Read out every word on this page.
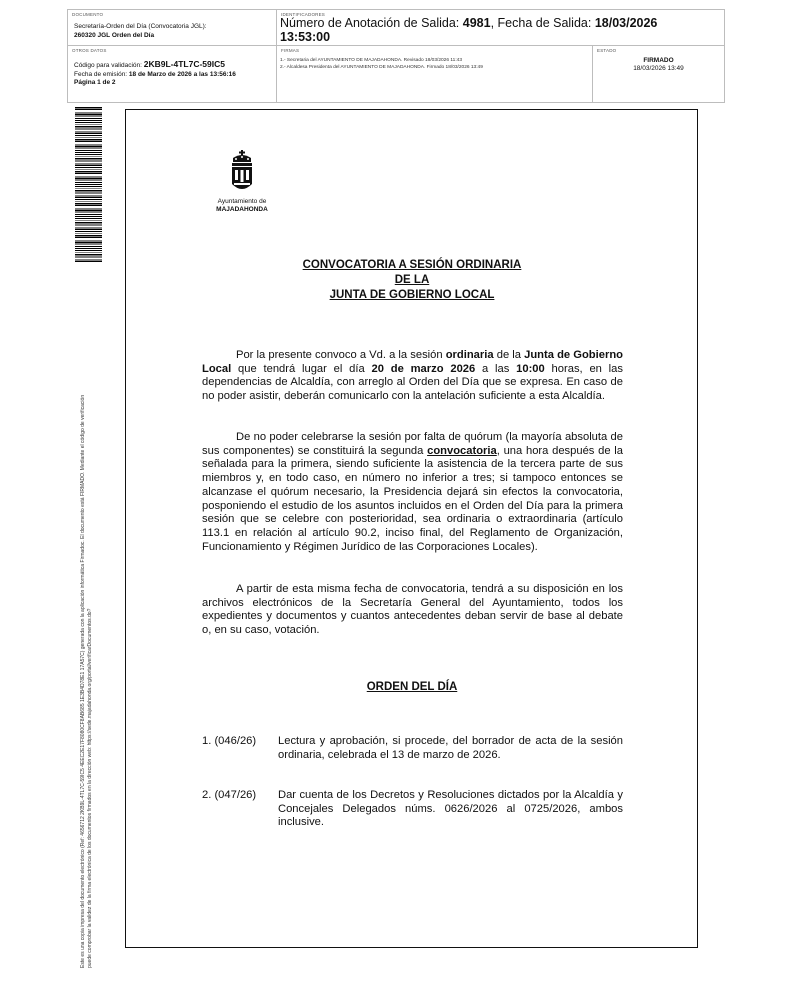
DOCUMENTO
Secretaría-Orden del Día (Convocatoria JGL):
260320 JGL Orden del Día
IDENTIFICADORES
Número de Anotación de Salida: 4981, Fecha de Salida: 18/03/2026
13:53:00
OTROS DATOS
Código para validación: 2KB9L-4TL7C-59IC5
Fecha de emisión: 18 de Marzo de 2026 a las 13:56:16
Página 1 de 2
FIRMAS
1.- Secretaria del AYUNTAMIENTO DE MAJADAHONDA. Revisado 18/03/2026 11:43
2.- Alcaldesa Presidenta del AYUNTAMIENTO DE MAJADAHONDA. Firmado 18/03/2026 13:49
ESTADO
FIRMADO
18/03/2026 13:49
Este es una copia impresa del documento electrónico (Ref: 4656712 2KB9L-4TL7C-59IC5 4EEC2E17F8080CF8AB685 1E3B4D78E1 17A57C) generada con la aplicación informática Firmadoc. El documento está FIRMADO. Mediante el código de verificación puede comprobar la validez de la firma electrónica de los documentos firmados en la dirección web: https://sede.majadahonda.org/portal/verificarDocumentos.do?
Ayuntamiento de
MAJADAHONDA
CONVOCATORIA A SESIÓN ORDINARIA
DE LA
JUNTA DE GOBIERNO LOCAL
Por la presente convoco a Vd. a la sesión ordinaria de la Junta de Gobierno Local que tendrá lugar el día 20 de marzo 2026 a las 10:00 horas, en las dependencias de Alcaldía, con arreglo al Orden del Día que se expresa. En caso de no poder asistir, deberán comunicarlo con la antelación suficiente a esta Alcaldía.
De no poder celebrarse la sesión por falta de quórum (la mayoría absoluta de sus componentes) se constituirá la segunda convocatoria, una hora después de la señalada para la primera, siendo suficiente la asistencia de la tercera parte de sus miembros y, en todo caso, en número no inferior a tres; si tampoco entonces se alcanzase el quórum necesario, la Presidencia dejará sin efectos la convocatoria, posponiendo el estudio de los asuntos incluidos en el Orden del Día para la primera sesión que se celebre con posterioridad, sea ordinaria o extraordinaria (artículo 113.1 en relación al artículo 90.2, inciso final, del Reglamento de Organización, Funcionamiento y Régimen Jurídico de las Corporaciones Locales).
A partir de esta misma fecha de convocatoria, tendrá a su disposición en los archivos electrónicos de la Secretaría General del Ayuntamiento, todos los expedientes y documentos y cuantos antecedentes deban servir de base al debate o, en su caso, votación.
ORDEN DEL DÍA
1. (046/26) Lectura y aprobación, si procede, del borrador de acta de la sesión ordinaria, celebrada el 13 de marzo de 2026.
2. (047/26) Dar cuenta de los Decretos y Resoluciones dictados por la Alcaldía y Concejales Delegados núms. 0626/2026 al 0725/2026, ambos inclusive.
